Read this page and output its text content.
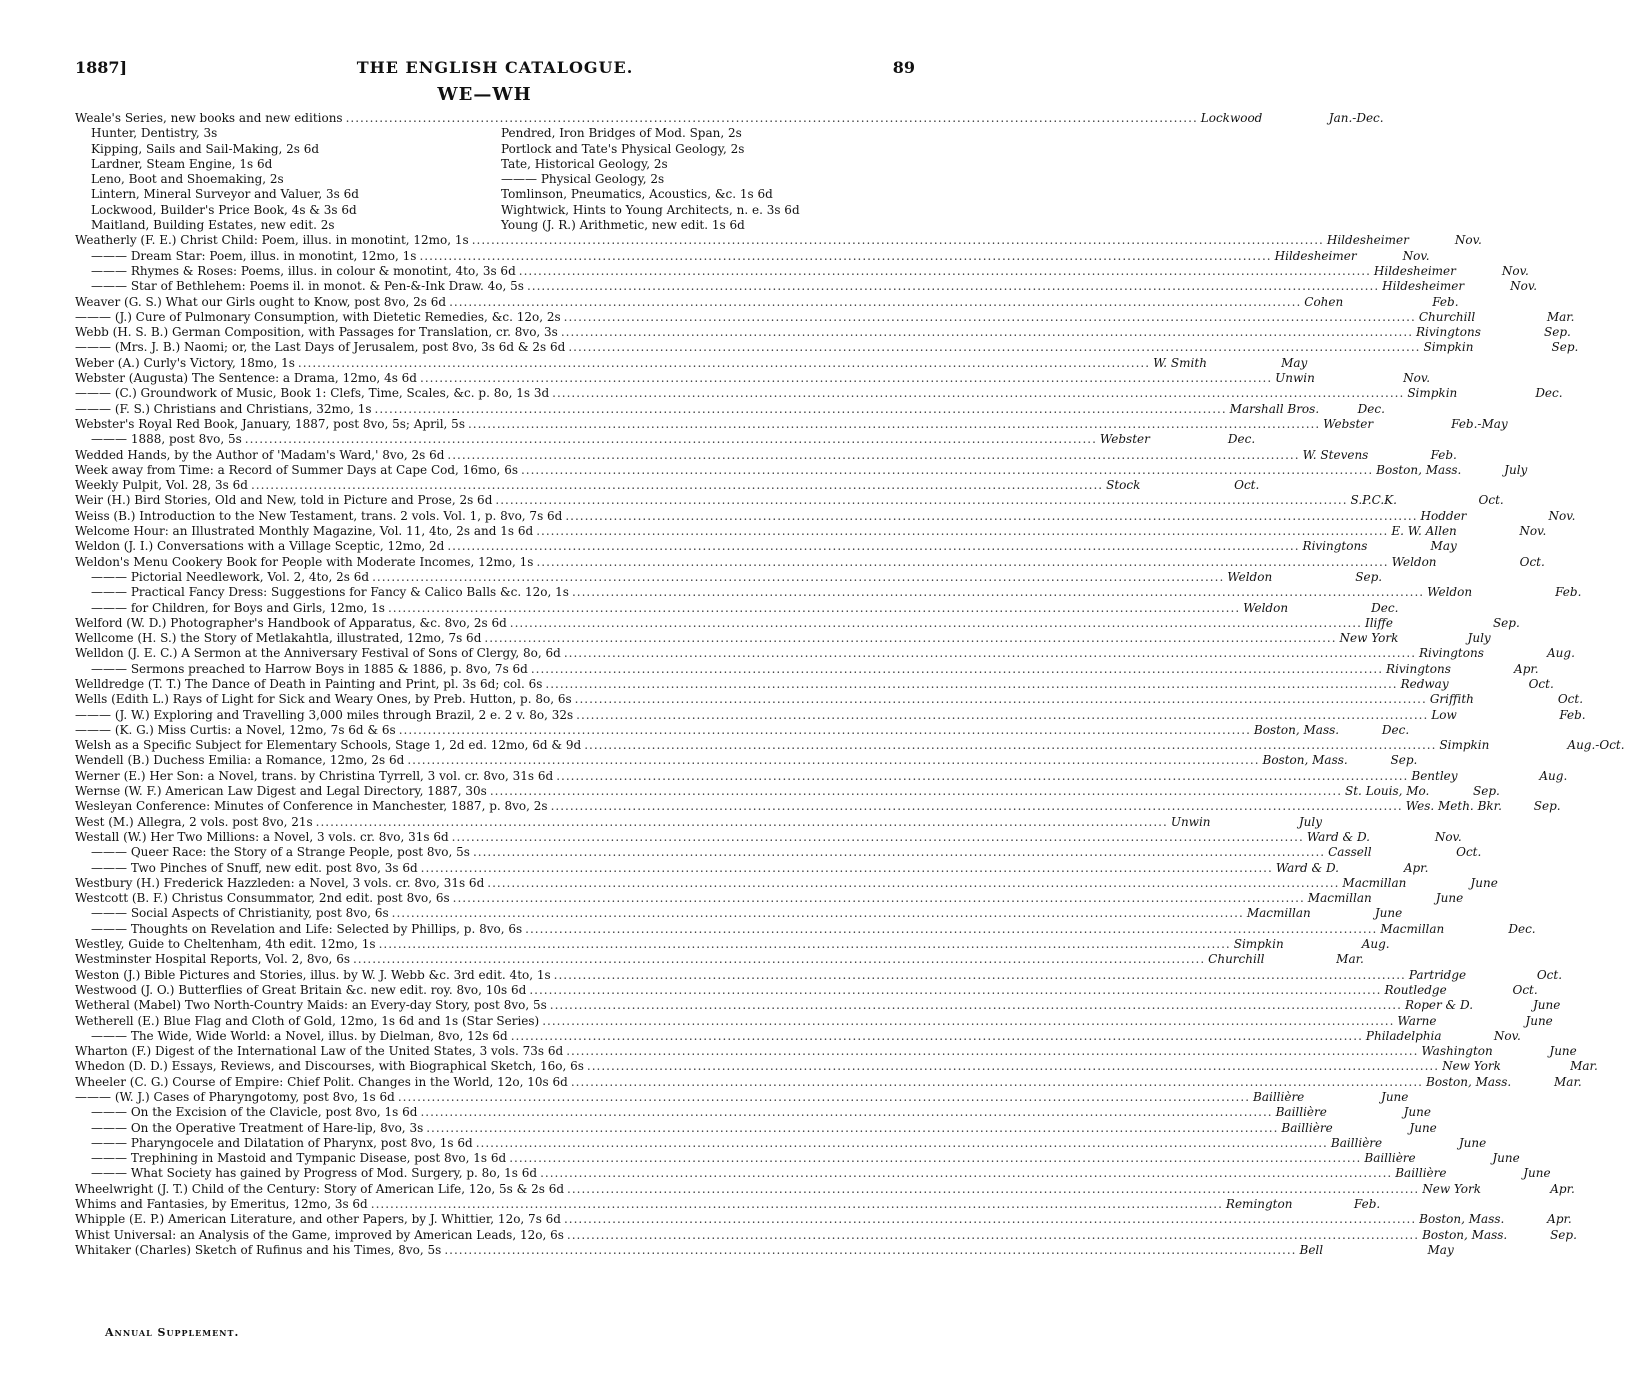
1887]	THE ENGLISH CATALOGUE.	89
WE—WH
Weale's Series, new books and new editions .....	Lockwood	Jan.-Dec.
Hunter, Dentistry, 3s	Pendred, Iron Bridges of Mod. Span, 2s
Kipping, Sails and Sail-Making, 2s 6d	Portlock and Tate's Physical Geology, 2s
Lardner, Steam Engine, 1s 6d	Tate, Historical Geology, 2s
Leno, Boot and Shoemaking, 2s	——— Physical Geology, 2s
Lintern, Mineral Surveyor and Valuer, 3s 6d	Tomlinson, Pneumatics, Acoustics, &c. 1s 6d
Lockwood, Builder's Price Book, 4s & 3s 6d	Wightwick, Hints to Young Architects, n. e. 3s 6d
Maitland, Building Estates, new edit. 2s	Young (J. R.) Arithmetic, new edit. 1s 6d
Weatherly (F. E.) Christ Child: Poem, illus. in monotint, 12mo, 1s .....	Hildesheimer	Nov.
——— Dream Star: Poem, illus. in monotint, 12mo, 1s .....	Hildesheimer	Nov.
——— Rhymes & Roses: Poems, illus. in colour & monotint, 4to, 3s 6d .....	Hildesheimer	Nov.
——— Star of Bethlehem: Poems il. in monot. & Pen-&-Ink Draw. 4o, 5s .....	Hildesheimer	Nov.
Weaver (G. S.) What our Girls ought to Know, post 8vo, 2s 6d .....	Cohen	Feb.
——— (J.) Cure of Pulmonary Consumption, with Dietetic Remedies, &c. 12o, 2s .....	Churchill	Mar.
Webb (H. S. B.) German Composition, with Passages for Translation, cr. 8vo, 3s .....	Rivingtons	Sep.
——— (Mrs. J. B.) Naomi; or, the Last Days of Jerusalem, post 8vo, 3s 6d & 2s 6d .....	Simpkin	Sep.
Weber (A.) Curly's Victory, 18mo, 1s .....	W. Smith	May
Webster (Augusta) The Sentence: a Drama, 12mo, 4s 6d .....	Unwin	Nov.
——— (C.) Groundwork of Music, Book 1: Clefs, Time, Scales, &c. p. 8o, 1s 3d .....	Simpkin	Dec.
——— (F. S.) Christians and Christians, 32mo, 1s .....	Marshall Bros.	Dec.
Webster's Royal Red Book, January, 1887, post 8vo, 5s; April, 5s .....	Webster	Feb.-May
——— 1888, post 8vo, 5s .....	Webster	Dec.
Wedded Hands, by the Author of 'Madam's Ward,' 8vo, 2s 6d .....	W. Stevens	Feb.
Week away from Time: a Record of Summer Days at Cape Cod, 16mo, 6s .....	Boston, Mass.	July
Weekly Pulpit, Vol. 28, 3s 6d .....	Stock	Oct.
Weir (H.) Bird Stories, Old and New, told in Picture and Prose, 2s 6d .....	S.P.C.K.	Oct.
Weiss (B.) Introduction to the New Testament, trans. 2 vols. Vol. 1, p. 8vo, 7s 6d .....	Hodder	Nov.
Welcome Hour: an Illustrated Monthly Magazine, Vol. 11, 4to, 2s and 1s 6d .....	E. W. Allen	Nov.
Weldon (J. I.) Conversations with a Village Sceptic, 12mo, 2d .....	Rivingtons	May
Weldon's Menu Cookery Book for People with Moderate Incomes, 12mo, 1s .....	Weldon	Oct.
——— Pictorial Needlework, Vol. 2, 4to, 2s 6d .....	Weldon	Sep.
——— Practical Fancy Dress: Suggestions for Fancy & Calico Balls &c. 12o, 1s .....	Weldon	Feb.
——— for Children, for Boys and Girls, 12mo, 1s .....	Weldon	Dec.
Welford (W. D.) Photographer's Handbook of Apparatus, &c. 8vo, 2s 6d .....	Iliffe	Sep.
Wellcome (H. S.) the Story of Metlakahtla, illustrated, 12mo, 7s 6d .....	New York	July
Welldon (J. E. C.) A Sermon at the Anniversary Festival of Sons of Clergy, 8o, 6d .....	Rivingtons	Aug.
——— Sermons preached to Harrow Boys in 1885 & 1886, p. 8vo, 7s 6d .....	Rivingtons	Apr.
Welldredge (T. T.) The Dance of Death in Painting and Print, pl. 3s 6d; col. 6s .....	Redway	Oct.
Wells (Edith L.) Rays of Light for Sick and Weary Ones, by Preb. Hutton, p. 8o, 6s .....	Griffith	Oct.
——— (J. W.) Exploring and Travelling 3,000 miles through Brazil, 2 e. 2 v. 8o, 32s .....	Low	Feb.
——— (K. G.) Miss Curtis: a Novel, 12mo, 7s 6d & 6s .....	Boston, Mass.	Dec.
Welsh as a Specific Subject for Elementary Schools, Stage 1, 2d ed. 12mo, 6d & 9d .....	Simpkin	Aug.-Oct.
Wendell (B.) Duchess Emilia: a Romance, 12mo, 2s 6d .....	Boston, Mass.	Sep.
Werner (E.) Her Son: a Novel, trans. by Christina Tyrrell, 3 vol. cr. 8vo, 31s 6d .....	Bentley	Aug.
Wernse (W. F.) American Law Digest and Legal Directory, 1887, 30s .....	St. Louis, Mo.	Sep.
Wesleyan Conference: Minutes of Conference in Manchester, 1887, p. 8vo, 2s .....	Wes. Meth. Bkr.	Sep.
West (M.) Allegra, 2 vols. post 8vo, 21s .....	Unwin	July
Westall (W.) Her Two Millions: a Novel, 3 vols. cr. 8vo, 31s 6d .....	Ward & D.	Nov.
——— Queer Race: the Story of a Strange People, post 8vo, 5s .....	Cassell	Oct.
——— Two Pinches of Snuff, new edit. post 8vo, 3s 6d .....	Ward & D.	Apr.
Westbury (H.) Frederick Hazzleden: a Novel, 3 vols. cr. 8vo, 31s 6d .....	Macmillan	June
Westcott (B. F.) Christus Consummator, 2nd edit. post 8vo, 6s .....	Macmillan	June
——— Social Aspects of Christianity, post 8vo, 6s .....	Macmillan	June
——— Thoughts on Revelation and Life: Selected by Phillips, p. 8vo, 6s .....	Macmillan	Dec.
Westley, Guide to Cheltenham, 4th edit. 12mo, 1s .....	Simpkin	Aug.
Westminster Hospital Reports, Vol. 2, 8vo, 6s .....	Churchill	Mar.
Weston (J.) Bible Pictures and Stories, illus. by W. J. Webb &c. 3rd edit. 4to, 1s .....	Partridge	Oct.
Westwood (J. O.) Butterflies of Great Britain &c. new edit. roy. 8vo, 10s 6d .....	Routledge	Oct.
Wetheral (Mabel) Two North-Country Maids: an Every-day Story, post 8vo, 5s .....	Roper & D.	June
Wetherell (E.) Blue Flag and Cloth of Gold, 12mo, 1s 6d and 1s (Star Series) .....	Warne	June
——— The Wide, Wide World: a Novel, illus. by Dielman, 8vo, 12s 6d .....	Philadelphia	Nov.
Wharton (F.) Digest of the International Law of the United States, 3 vols. 73s 6d .....	Washington	June
Whedon (D. D.) Essays, Reviews, and Discourses, with Biographical Sketch, 16o, 6s .....	New York	Mar.
Wheeler (C. G.) Course of Empire: Chief Polit. Changes in the World, 12o, 10s 6d .....	Boston, Mass.	Mar.
——— (W. J.) Cases of Pharyngotomy, post 8vo, 1s 6d .....	Baillière	June
——— On the Excision of the Clavicle, post 8vo, 1s 6d .....	Baillière	June
——— On the Operative Treatment of Hare-lip, 8vo, 3s .....	Baillière	June
——— Pharyngocele and Dilatation of Pharynx, post 8vo, 1s 6d .....	Baillière	June
——— Trephining in Mastoid and Tympanic Disease, post 8vo, 1s 6d .....	Baillière	June
——— What Society has gained by Progress of Mod. Surgery, p. 8o, 1s 6d .....	Baillière	June
Wheelwright (J. T.) Child of the Century: Story of American Life, 12o, 5s & 2s 6d .....	New York	Apr.
Whims and Fantasies, by Emeritus, 12mo, 3s 6d .....	Remington	Feb.
Whipple (E. P.) American Literature, and other Papers, by J. Whittier, 12o, 7s 6d .....	Boston, Mass.	Apr.
Whist Universal: an Analysis of the Game, improved by American Leads, 12o, 6s .....	Boston, Mass.	Sep.
Whitaker (Charles) Sketch of Rufinus and his Times, 8vo, 5s .....	Bell	May
Annual Supplement.
